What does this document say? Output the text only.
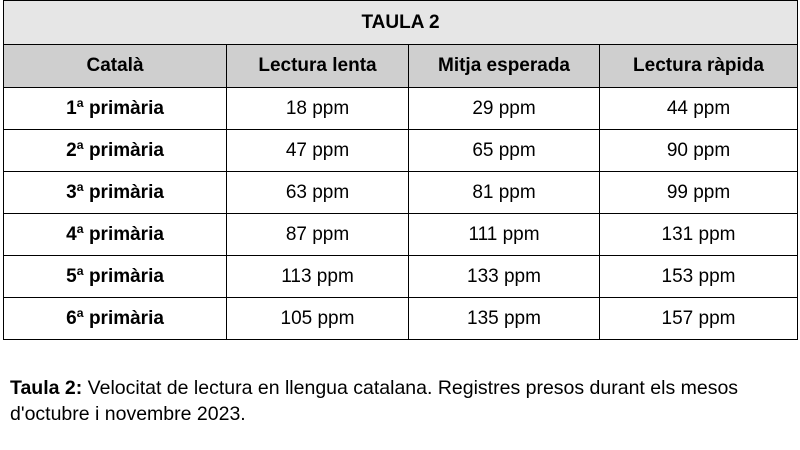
TAULA 2			
Català	Lectura lenta	Mitja esperada	Lectura ràpida
1ª primària	18 ppm	29 ppm	44 ppm
2ª primària	47 ppm	65 ppm	90 ppm
3ª primària	63 ppm	81 ppm	99 ppm
4ª primària	87 ppm	111 ppm	131 ppm
5ª primària	113 ppm	133 ppm	153 ppm
6ª primària	105 ppm	135 ppm	157 ppm

Taula 2: Velocitat de lectura en llengua catalana. Registres presos durant els mesos d'octubre i novembre 2023.
